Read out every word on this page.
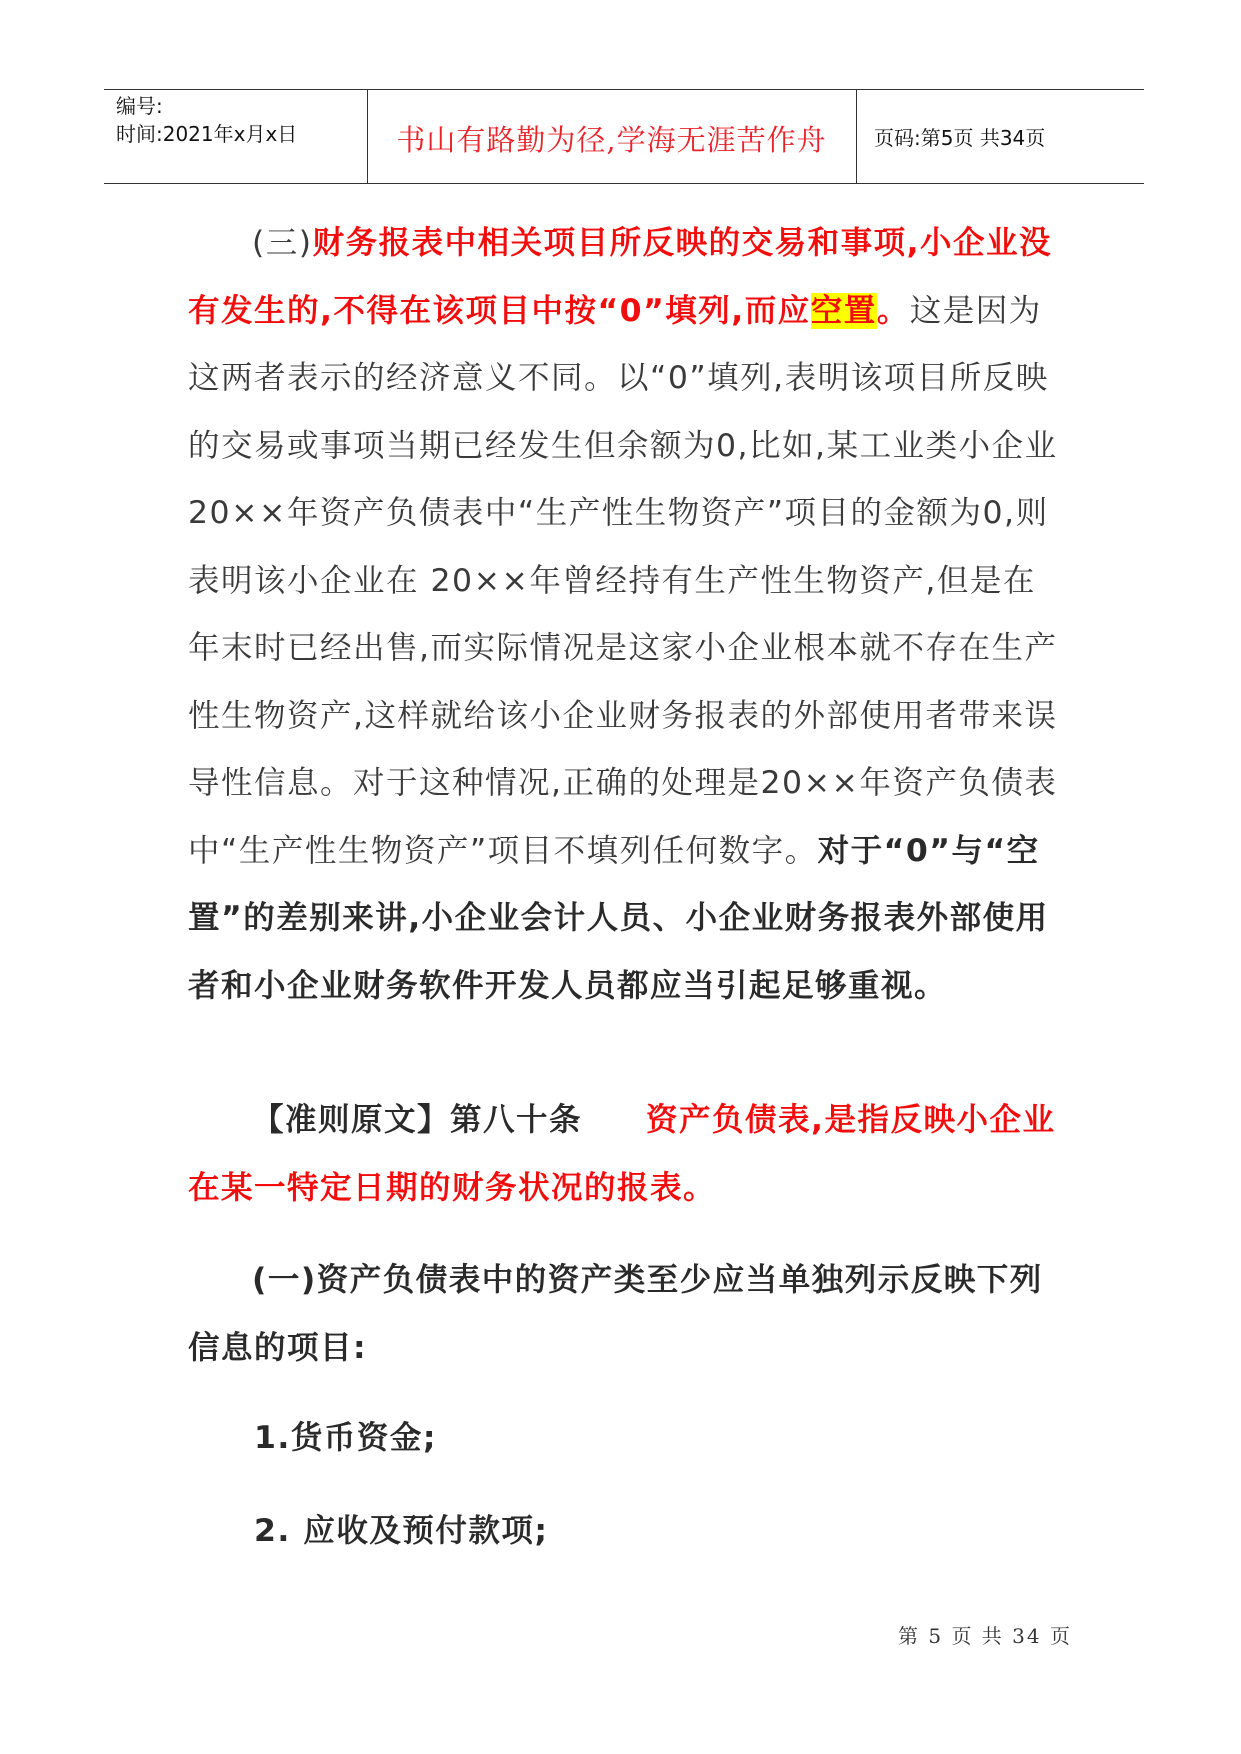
编号:
时间:2021年x月x日	书山有路勤为径,学海无涯苦作舟	页码:第5页 共34页

(三)财务报表中相关项目所反映的交易和事项,小企业没有发生的,不得在该项目中按“0”填列,而应空置。这是因为这两者表示的经济意义不同。以“0”填列,表明该项目所反映的交易或事项当期已经发生但余额为0,比如,某工业类小企业20××年资产负债表中“生产性生物资产”项目的金额为0,则表明该小企业在 20××年曾经持有生产性生物资产,但是在年末时已经出售,而实际情况是这家小企业根本就不存在生产性生物资产,这样就给该小企业财务报表的外部使用者带来误导性信息。对于这种情况,正确的处理是20××年资产负债表中“生产性生物资产”项目不填列任何数字。对于“0”与“空置”的差别来讲,小企业会计人员、小企业财务报表外部使用者和小企业财务软件开发人员都应当引起足够重视。

【准则原文】第八十条 资产负债表,是指反映小企业在某一特定日期的财务状况的报表。

(一)资产负债表中的资产类至少应当单独列示反映下列信息的项目:

1.货币资金;

2. 应收及预付款项;

第 5 页 共 34 页
